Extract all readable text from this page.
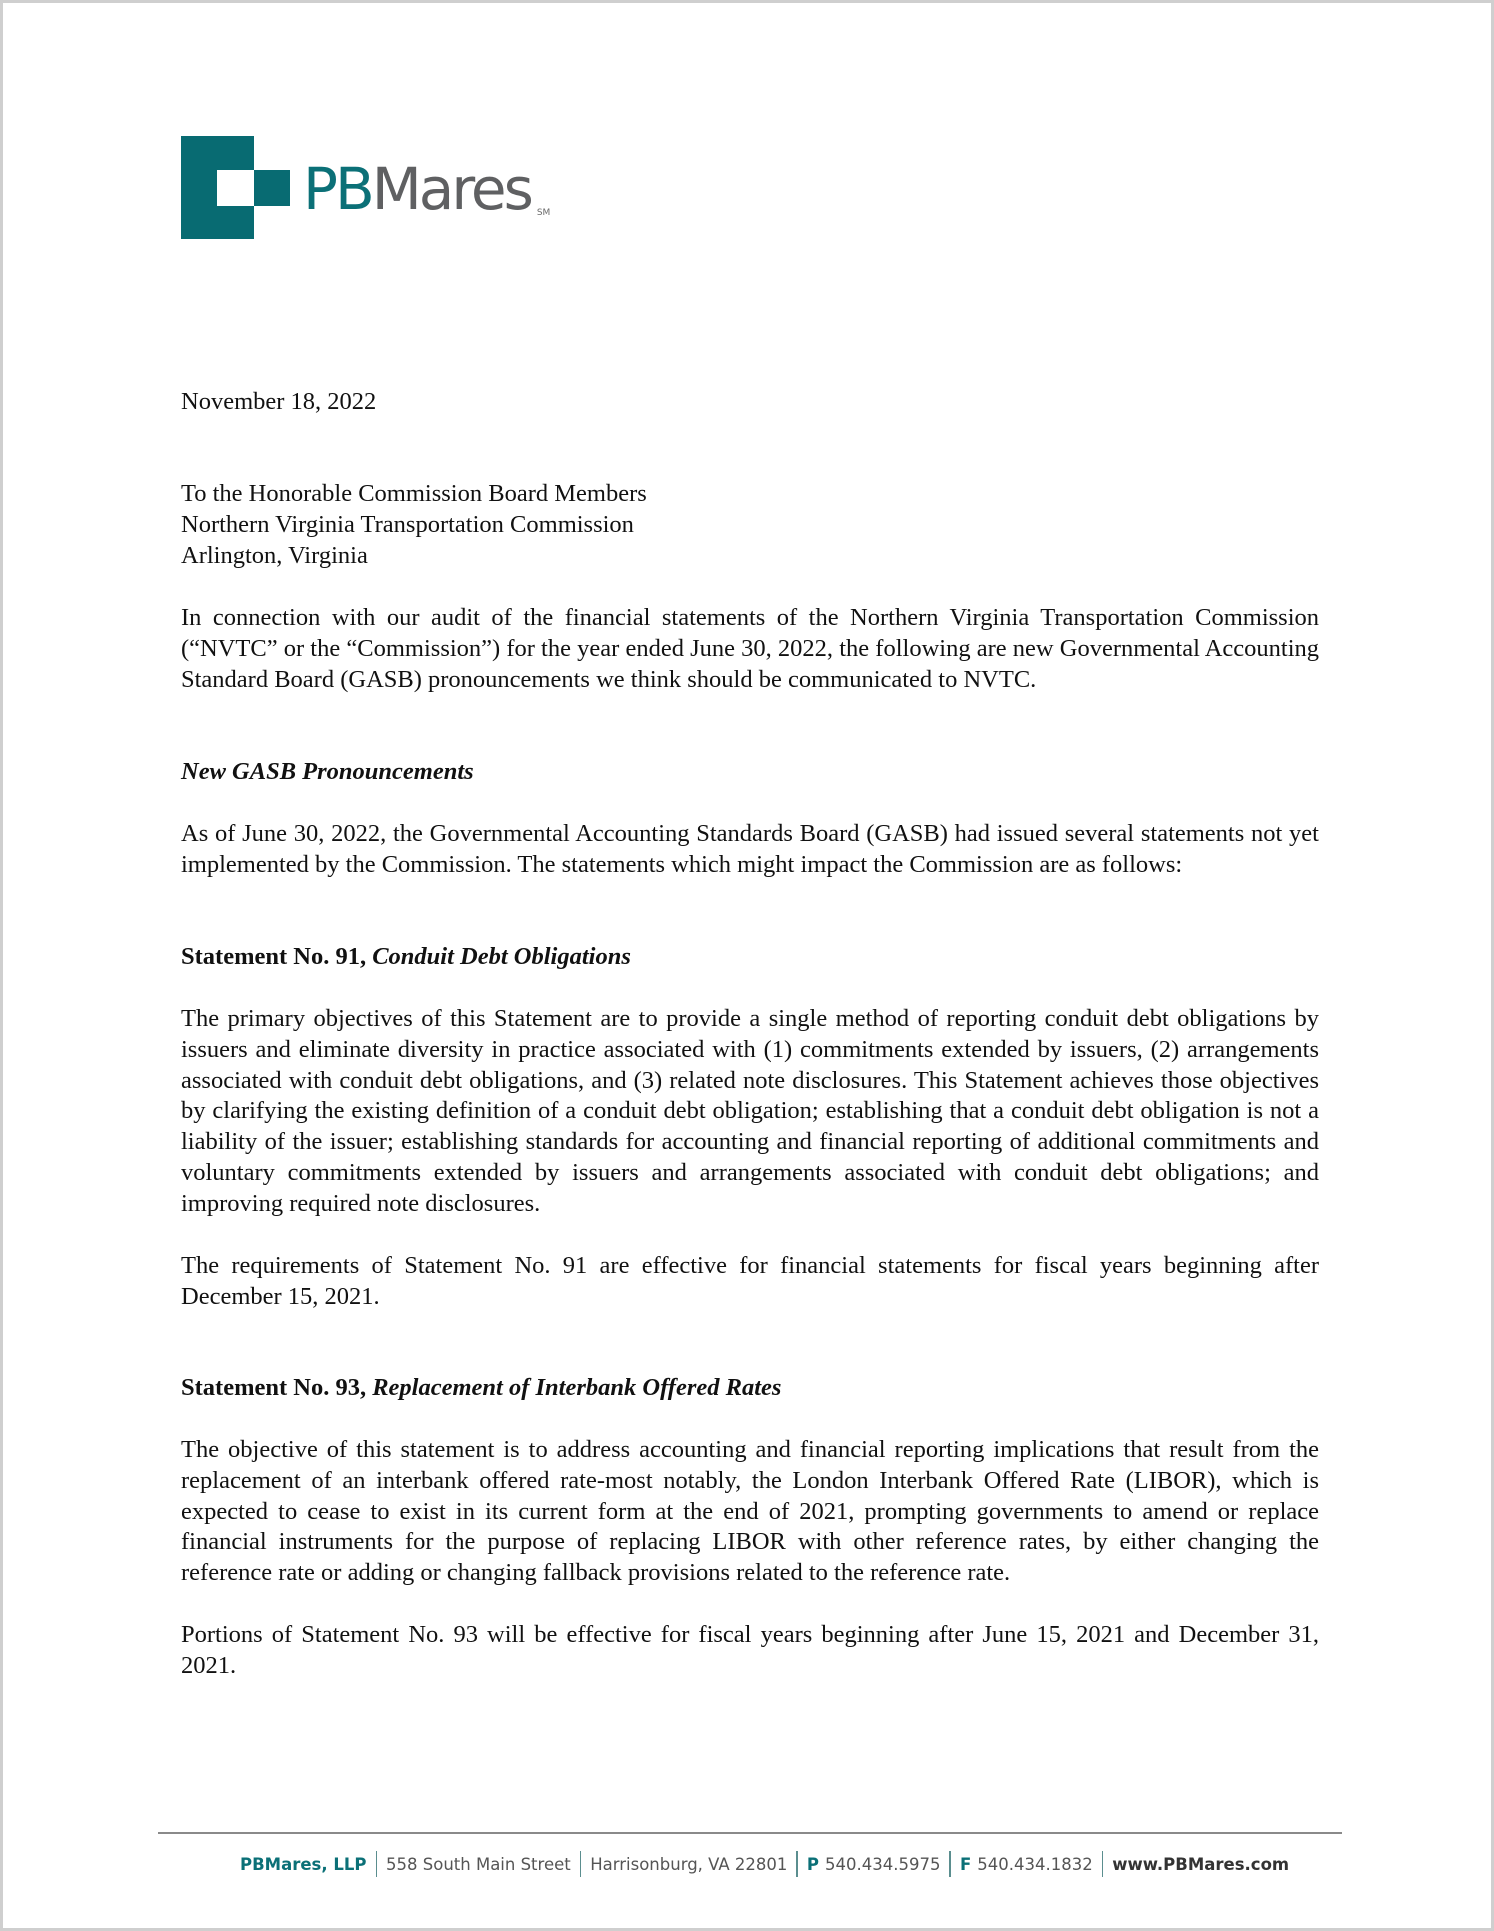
PBMares SM
November 18, 2022
To the Honorable Commission Board Members
Northern Virginia Transportation Commission
Arlington, Virginia

In connection with our audit of the financial statements of the Northern Virginia Transportation Commission (“NVTC” or the “Commission”) for the year ended June 30, 2022, the following are new Governmental Accounting Standard Board (GASB) pronouncements we think should be communicated to NVTC.

New GASB Pronouncements

As of June 30, 2022, the Governmental Accounting Standards Board (GASB) had issued several statements not yet implemented by the Commission. The statements which might impact the Commission are as follows:

Statement No. 91, Conduit Debt Obligations

The primary objectives of this Statement are to provide a single method of reporting conduit debt obligations by issuers and eliminate diversity in practice associated with (1) commitments extended by issuers, (2) arrangements associated with conduit debt obligations, and (3) related note disclosures. This Statement achieves those objectives by clarifying the existing definition of a conduit debt obligation; establishing that a conduit debt obligation is not a liability of the issuer; establishing standards for accounting and financial reporting of additional commitments and voluntary commitments extended by issuers and arrangements associated with conduit debt obligations; and improving required note disclosures.

The requirements of Statement No. 91 are effective for financial statements for fiscal years beginning after December 15, 2021.

Statement No. 93, Replacement of Interbank Offered Rates

The objective of this statement is to address accounting and financial reporting implications that result from the replacement of an interbank offered rate-most notably, the London Interbank Offered Rate (LIBOR), which is expected to cease to exist in its current form at the end of 2021, prompting governments to amend or replace financial instruments for the purpose of replacing LIBOR with other reference rates, by either changing the reference rate or adding or changing fallback provisions related to the reference rate.

Portions of Statement No. 93 will be effective for fiscal years beginning after June 15, 2021 and December 31, 2021.

PBMares, LLP 558 South Main Street Harrisonburg, VA 22801 P 540.434.5975 F 540.434.1832 www.PBMares.com
